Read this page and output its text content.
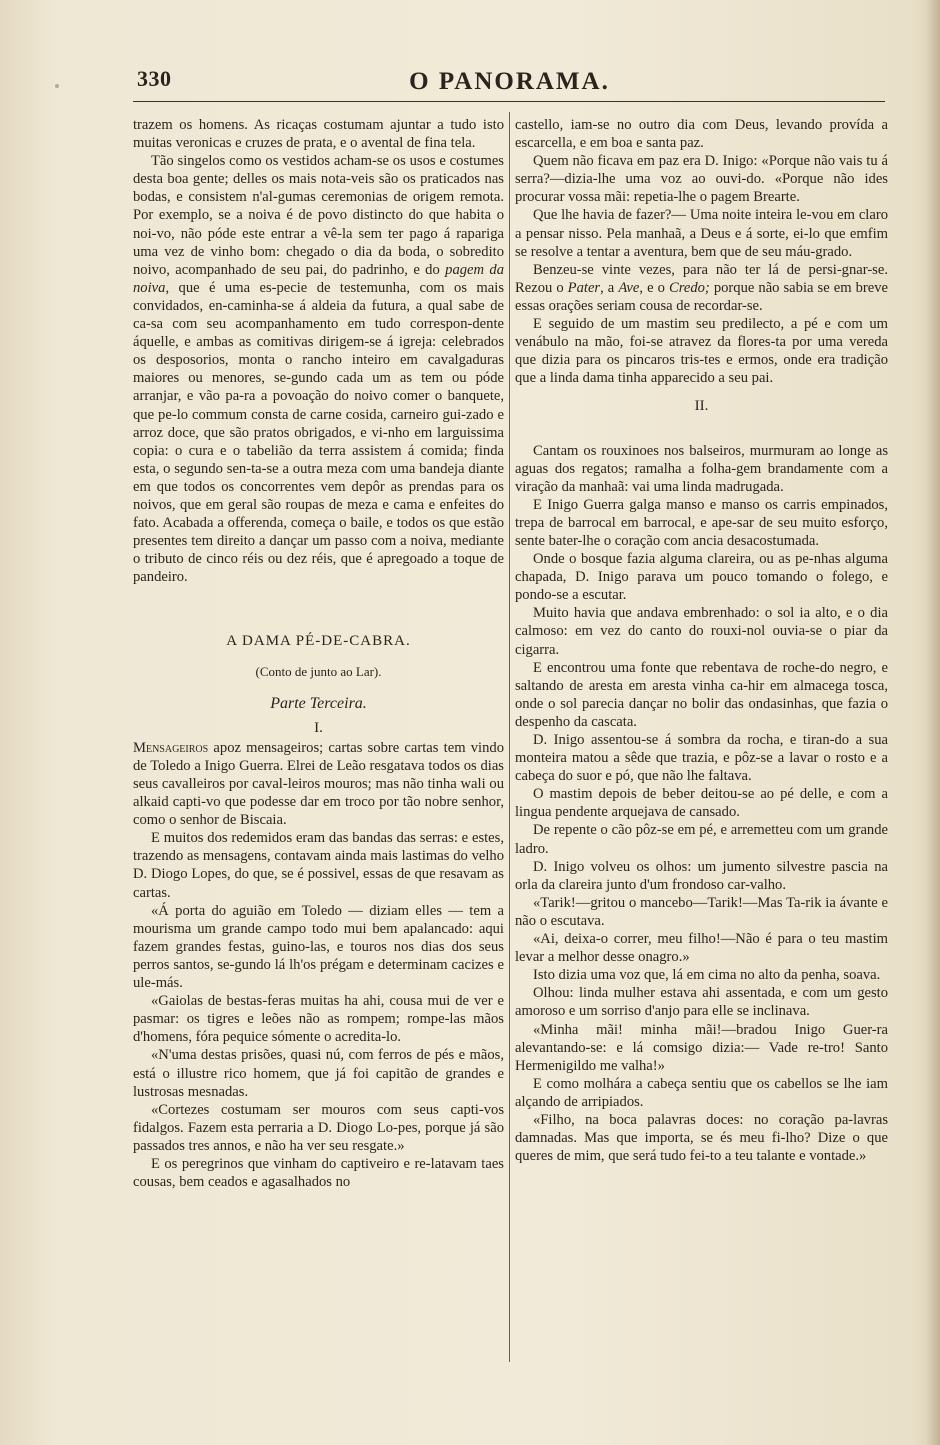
330	O PANORAMA.

trazem os homens. As ricaças costumam ajuntar a tudo isto muitas veronicas e cruzes de prata, e o avental de fina tela.

Tão singelos como os vestidos acham-se os usos e costumes desta boa gente; delles os mais nota-veis são os praticados nas bodas, e consistem n'al-gumas ceremonias de origem remota. Por exemplo, se a noiva é de povo distincto do que habita o noi-vo, não póde este entrar a vê-la sem ter pago á rapariga uma vez de vinho bom: chegado o dia da boda, o sobredito noivo, acompanhado de seu pai, do padrinho, e do pagem da noiva, que é uma es-pecie de testemunha, com os mais convidados, en-caminha-se á aldeia da futura, a qual sabe de ca-sa com seu acompanhamento em tudo correspon-dente áquelle, e ambas as comitivas dirigem-se á igreja: celebrados os desposorios, monta o rancho inteiro em cavalgaduras maiores ou menores, se-gundo cada um as tem ou póde arranjar, e vão pa-ra a povoação do noivo comer o banquete, que pe-lo commum consta de carne cosida, carneiro gui-zado e arroz doce, que são pratos obrigados, e vi-nho em larguissima copia: o cura e o tabelião da terra assistem á comida; finda esta, o segundo sen-ta-se a outra meza com uma bandeja diante em que todos os concorrentes vem depôr as prendas para os noivos, que em geral são roupas de meza e cama e enfeites do fato. Acabada a offerenda, começa o baile, e todos os que estão presentes tem direito a dançar um passo com a noiva, mediante o tributo de cinco réis ou dez réis, que é apregoado a toque de pandeiro.

A DAMA PÉ-DE-CABRA.
(Conto de junto ao Lar).
Parte Terceira.
I.

Mensageiros apoz mensageiros; cartas sobre cartas tem vindo de Toledo a Inigo Guerra. Elrei de Leão resgatava todos os dias seus cavalleiros por caval-leiros mouros; mas não tinha wali ou alkaid capti-vo que podesse dar em troco por tão nobre senhor, como o senhor de Biscaia.

E muitos dos redemidos eram das bandas das serras: e estes, trazendo as mensagens, contavam ainda mais lastimas do velho D. Diogo Lopes, do que, se é possivel, essas de que resavam as cartas.

«Á porta do aguião em Toledo — diziam elles — tem a mourisma um grande campo todo mui bem apalancado: aqui fazem grandes festas, guino-las, e touros nos dias dos seus perros santos, se-gundo lá lh'os prégam e determinam cacizes e ule-más.

«Gaiolas de bestas-feras muitas ha ahi, cousa mui de ver e pasmar: os tigres e leões não as rompem; rompe-las mãos d'homens, fóra pequice sómente o acredita-lo.

«N'uma destas prisões, quasi nú, com ferros de pés e mãos, está o illustre rico homem, que já foi capitão de grandes e lustrosas mesnadas.

«Cortezes costumam ser mouros com seus capti-vos fidalgos. Fazem esta perraria a D. Diogo Lo-pes, porque já são passados tres annos, e não ha ver seu resgate.»

E os peregrinos que vinham do captiveiro e re-latavam taes cousas, bem ceados e agasalhados no

castello, iam-se no outro dia com Deus, levando provída a escarcella, e em boa e santa paz.

Quem não ficava em paz era D. Inigo: «Porque não vais tu á serra?—dizia-lhe uma voz ao ouvi-do. «Porque não ides procurar vossa mãi: repetia-lhe o pagem Brearte.

Que lhe havia de fazer?— Uma noite inteira le-vou em claro a pensar nisso. Pela manhaã, a Deus e á sorte, ei-lo que emfim se resolve a tentar a aventura, bem que de seu máu-grado.

Benzeu-se vinte vezes, para não ter lá de persi-gnar-se. Rezou o Pater, a Ave, e o Credo; porque não sabia se em breve essas orações seriam cousa de recordar-se.

E seguido de um mastim seu predilecto, a pé e com um venábulo na mão, foi-se atravez da flores-ta por uma vereda que dizia para os pincaros tris-tes e ermos, onde era tradição que a linda dama tinha apparecido a seu pai.

II.

Cantam os rouxinoes nos balseiros, murmuram ao longe as aguas dos regatos; ramalha a folha-gem brandamente com a viração da manhaã: vai uma linda madrugada.

E Inigo Guerra galga manso e manso os carris empinados, trepa de barrocal em barrocal, e ape-sar de seu muito esforço, sente bater-lhe o coração com ancia desacostumada.

Onde o bosque fazia alguma clareira, ou as pe-nhas alguma chapada, D. Inigo parava um pouco tomando o folego, e pondo-se a escutar.

Muito havia que andava embrenhado: o sol ia alto, e o dia calmoso: em vez do canto do rouxi-nol ouvia-se o piar da cigarra.

E encontrou uma fonte que rebentava de roche-do negro, e saltando de aresta em aresta vinha ca-hir em almacega tosca, onde o sol parecia dançar no bolir das ondasinhas, que fazia o despenho da cascata.

D. Inigo assentou-se á sombra da rocha, e tiran-do a sua monteira matou a sêde que trazia, e pôz-se a lavar o rosto e a cabeça do suor e pó, que não lhe faltava.

O mastim depois de beber deitou-se ao pé delle, e com a lingua pendente arquejava de cansado.

De repente o cão pôz-se em pé, e arremetteu com um grande ladro.

D. Inigo volveu os olhos: um jumento silvestre pascia na orla da clareira junto d'um frondoso car-valho.

«Tarik!—gritou o mancebo—Tarik!—Mas Ta-rik ia ávante e não o escutava.

«Ai, deixa-o correr, meu filho!—Não é para o teu mastim levar a melhor desse onagro.»

Isto dizia uma voz que, lá em cima no alto da penha, soava.

Olhou: linda mulher estava ahi assentada, e com um gesto amoroso e um sorriso d'anjo para elle se inclinava.

«Minha mãi! minha mãi!—bradou Inigo Guer-ra alevantando-se: e lá comsigo dizia:— Vade re-tro! Santo Hermenigildo me valha!»

E como molhára a cabeça sentiu que os cabellos se lhe iam alçando de arripiados.

«Filho, na boca palavras doces: no coração pa-lavras damnadas. Mas que importa, se és meu fi-lho? Dize o que queres de mim, que será tudo fei-to a teu talante e vontade.»
